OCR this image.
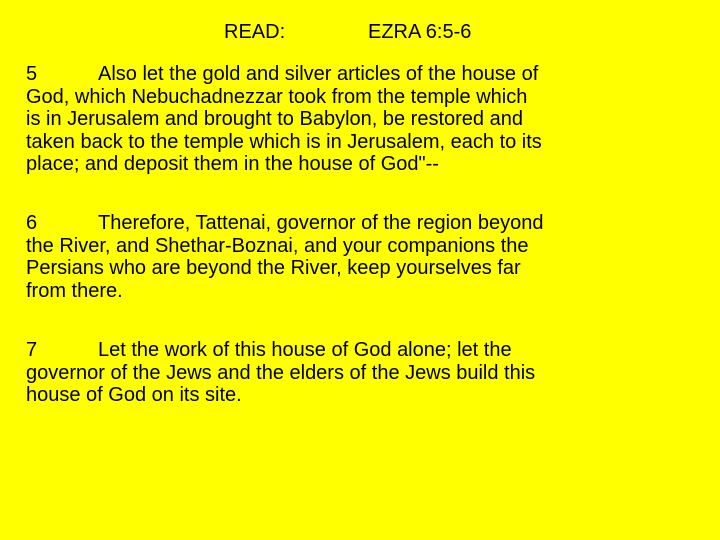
READ:	EZRA 6:5-6
5	Also let the gold and silver articles of the house of
God, which Nebuchadnezzar took from the temple which
is in Jerusalem and brought to Babylon, be restored and
taken back to the temple which is in Jerusalem, each to its
place; and deposit them in the house of God"--
6	Therefore, Tattenai, governor of the region beyond
the River, and Shethar-Boznai, and your companions the
Persians who are beyond the River, keep yourselves far
from there.
7	Let the work of this house of God alone; let the
governor of the Jews and the elders of the Jews build this
house of God on its site.
